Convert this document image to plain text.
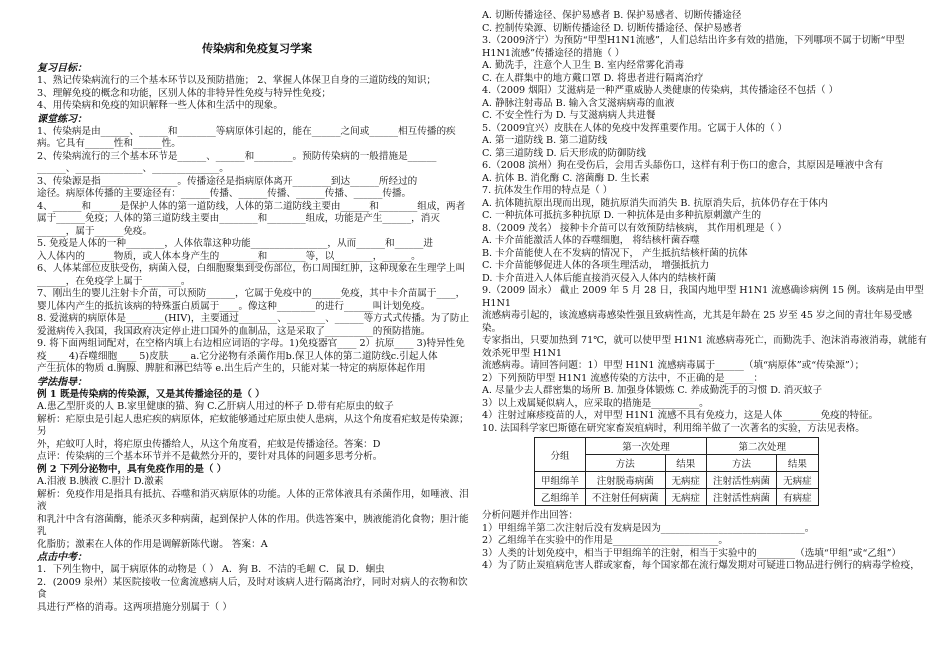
传染病和免疫复习学案
复习目标：
1、熟记传染病流行的三个基本环节以及预防措施； 2、掌握人体保卫自身的三道防线的知识；
3、理解免疫的概念和功能，区别人体的非特异性免疫与特异性免疫；
4、用传染病和免疫的知识解释一些人体和生活中的现象。
课堂练习：
1、传染病是由______、______和________等病原体引起的，能在______之间或______相互传播的疾
病。它具有______性和______性。
2、传染病流行的三个基本环节是______、______和________。预防传染病的一般措施是______
______、______________、______________。
3、传染源是指________________。传播途径是指病原体离开________到达______所经过的
途径。病原体传播的主要途径有：______传播、______传播、______传播、______传播。
4、______和______是保护人体的第一道防线，人体的第二道防线主要由______和________组成，两者
属于______免疫；人体的第三道防线主要由________和________组成，功能是产生______，消灭
______，属于______免疫。
5. 免疫是人体的一种________，人体依靠这种功能________________，从而______和______进
入人体内的______物质，或人体本身产生的________和________等，以________，______。
6、人体某部位皮肤受伤，病菌入侵，白细胞聚集到受伤部位，伤口周围红肿，这种现象在生理学上叫
______，在免疫学上属于________。
7、刚出生的婴儿注射卡介苗，可以预防______，它属于免疫中的______免疫，其中卡介苗属于____，
婴儿体内产生的抵抗该病的特殊蛋白质属于____。像这种________的进行______叫计划免疫。
8. 爱滋病的病原体是________(HIV)，主要通过________、________、______等方式式传播。为了防止
爱滋病传入我国，我国政府决定停止进口国外的血制品，这是采取了__________的预防措施。
9. 将下面两组词配对，在空格内填上右边相应词语的字母。1)免疫器官____ 2）抗原____ 3)特异性免
疫____ 4)吞噬细胞____ 5)皮肤____ a.它分泌物有杀菌作用b.保卫人体的第二道防线c.引起人体
产生抗体的物质 d.胸腺、脾脏和淋巴结等 e.出生后产生的，只能对某一特定的病原体起作用
学法指导：
例 1 既是传染病的传染源，又是其传播途径的是（ ）
A.患乙型肝炎的人 B.家里健康的猫、狗 C.乙肝病人用过的杯子 D.带有疟原虫的蚊子
解析：疟原虫是引起人患疟疾的病原体，疟蚊能够通过疟原虫使人患病，从这个角度看疟蚊是传染源；另
外，疟蚊叮人时，将疟原虫传播给人，从这个角度看，疟蚊是传播途径。答案：D
点评：传染病的三个基本环节并不是截然分开的，要针对具体的问题多思考分析。
例 2 下列分泌物中，具有免疫作用的是（ ）
A.泪液 B.胰液 C.胆汁 D.激素
解析：免疫作用是指具有抵抗、吞噬和消灭病原体的功能。人体的正常体液具有杀菌作用，如唾液、泪液
和乳汁中含有溶菌酶，能杀灭多种病菌，起到保护人体的作用。供选答案中，胰液能消化食物；胆汁能乳
化脂肪；激素在人体的作用是调解新陈代谢。 答案：A
点击中考：
1．下列生物中，属于病原体的动物是（ ） A．狗 B．不洁的毛衄 C．鼠 D．蛔虫
2．(2009 泉州）某医院接收一位禽流感病人后，及时对该病人进行隔离治疗，同时对病人的衣物和饮食
具进行严格的消毒。这两项措施分别属于（ ）
A. 切断传播途径、保护易感者 B. 保护易感者、切断传播途径
C. 控制传染源、切断传播途径 D. 切断传播途径、保护易感者
3.（2009济宁）为预防“甲型H1N1流感”，人们总结出许多有效的措施，下列哪项不属于切断“甲型
H1N1流感”传播途径的措施（ ）
A. 勤洗手，注意个人卫生 B. 室内经常雾化消毒
C. 在人群集中的地方戴口罩 D. 将患者进行隔离治疗
4.（2009 烟阳）艾滋病是一种严重威胁人类健康的传染病，其传播途径不包括（ ）
A. 静脉注射毒品 B. 输入含艾滋病病毒的血液
C. 不安全性行为 D. 与艾滋病病人共进餐
5.（2009宜兴）皮肤在人体的免疫中发挥重要作用。它属于人体的（ ）
A. 第一道防线 B. 第二道防线
C. 第三道防线 D. 后天形成的防御防线
6.（2008 滨州）狗在受伤后，会用舌头舔伤口，这样有利于伤口的愈合，其原因是唾液中含有
A. 抗体 B. 消化酶 C. 溶菌酶 D. 生长素
7. 抗体发生作用的特点是（ ）
A. 抗体随抗原出现而出现，随抗原消失而消失 B. 抗原消失后，抗体仍存在于体内
C. 一种抗体可抵抗多种抗原 D. 一种抗体是由多种抗原刺激产生的
8.（2009 茂名） 接种卡介苗可以有效预防结核病， 其作用机理是（ ）
A. 卡介苗能激活人体的吞噬细胞， 将结核杆菌吞噬
B. 卡介苗能使人在不发病的情况下， 产生抵抗结核杆菌的抗体
C. 卡介苗能够促进人体的各项生理活动， 增强抵抗力
D. 卡介苗进入人体后能直接消灭侵入人体内的结核杆菌
9.（2009 固永） 截止 2009 年 5 月 28 日，我国内地甲型 H1N1 流感确诊病例 15 例。该病是由甲型 H1N1
流感病毒引起的，该流感病毒感染性强且致病性高，尤其是年龄在 25 岁至 45 岁之间的青壮年易受感染。
专家指出，只要加热到 71℃，就可以使甲型 H1N1 流感病毒死亡，而勤洗手、泡沫消毒液消毒，就能有效杀死甲型 H1N1
流感病毒。请回答问题：1）甲型 H1N1 流感病毒属于______（填“病原体”或“传染源”）；
2）下列预防甲型 H1N1 流感传染的方法中，不正确的是______：
A. 尽量少去人群密集的场所 B. 加强身体锻炼 C. 养成勤洗手的习惯 D. 消灭蚊子
3）以上戏属疑似病人，应采取的措施是__________。
4）注射过麻疹疫苗的人，对甲型 H1N1 流感不具有免疫力，这是人体________免疫的特征。
10. 法国科学家巴斯德在研究家畜炭疽病时，利用绵羊做了一次著名的实验，方法见表格。
分组	第一次处理		第二次处理	
	方法	结果	方法	结果
甲组绵羊	注射脱毒病菌	无病症	注射活性病菌	无病症
乙组绵羊	不注射任何病菌	无病症	注射活性病菌	有病症
分析问题并作出回答：
1）甲组绵羊第二次注射后没有发病是因为______________________________。
2）乙组绵羊在实验中的作用是______________________。
3）人类的计划免疫中，相当于甲组绵羊的注射，相当于实验中的________（选填“甲组”或“乙组”）
4）为了防止炭疽病危害人群或家畜，每个国家都在流行爆发期对可疑进口物品进行例行的病毒学检疫，
